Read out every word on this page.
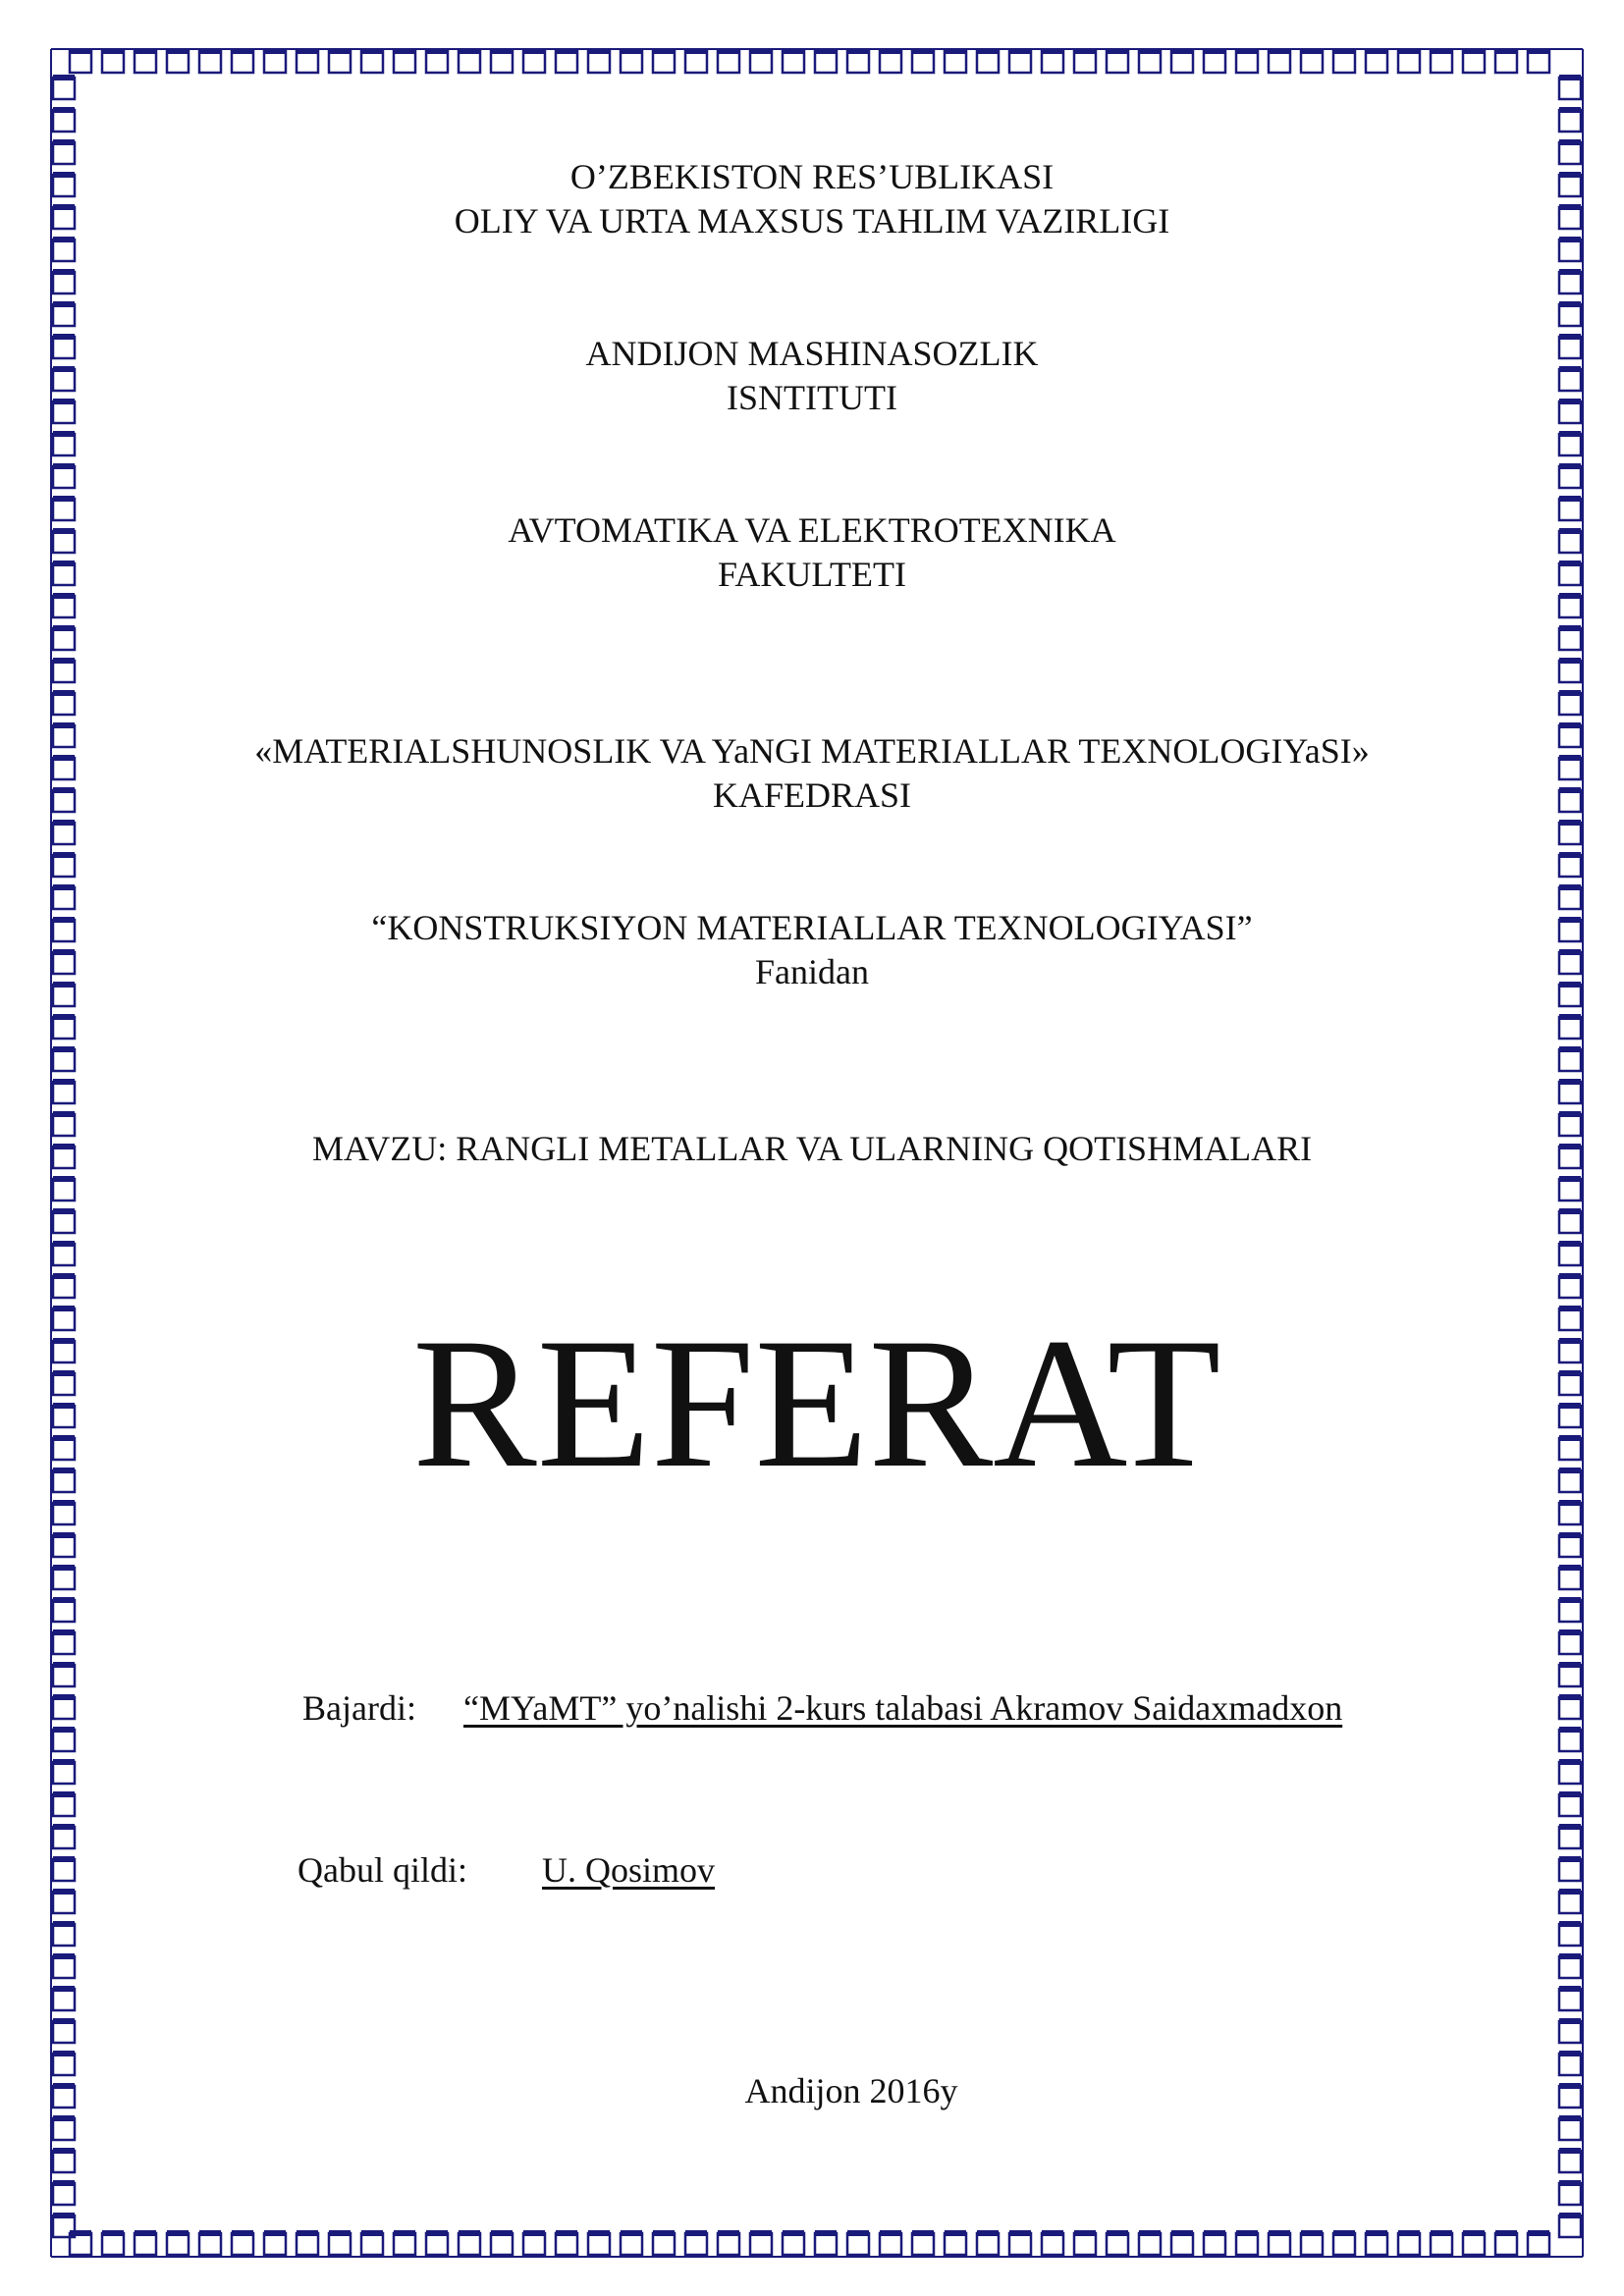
O’ZBEKISTON RES’UBLIKASI
OLIY VA URTA MAXSUS TAHLIM VAZIRLIGI
ANDIJON MASHINASOZLIK
ISNTITUTI
AVTOMATIKA VA ELEKTROTEXNIKA
FAKULTETI
«MATERIALSHUNOSLIK VA YaNGI MATERIALLAR TEXNOLOGIYaSI»
KAFEDRASI
“KONSTRUKSIYON MATERIALLAR TEXNOLOGIYASI”
Fanidan
MAVZU: RANGLI METALLAR VA ULARNING QOTISHMALARI
REFERAT
Bajardi: “MYaMT” yo’nalishi 2-kurs talabasi Akramov Saidaxmadxon
Qabul qildi: U. Qosimov
Andijon 2016y
